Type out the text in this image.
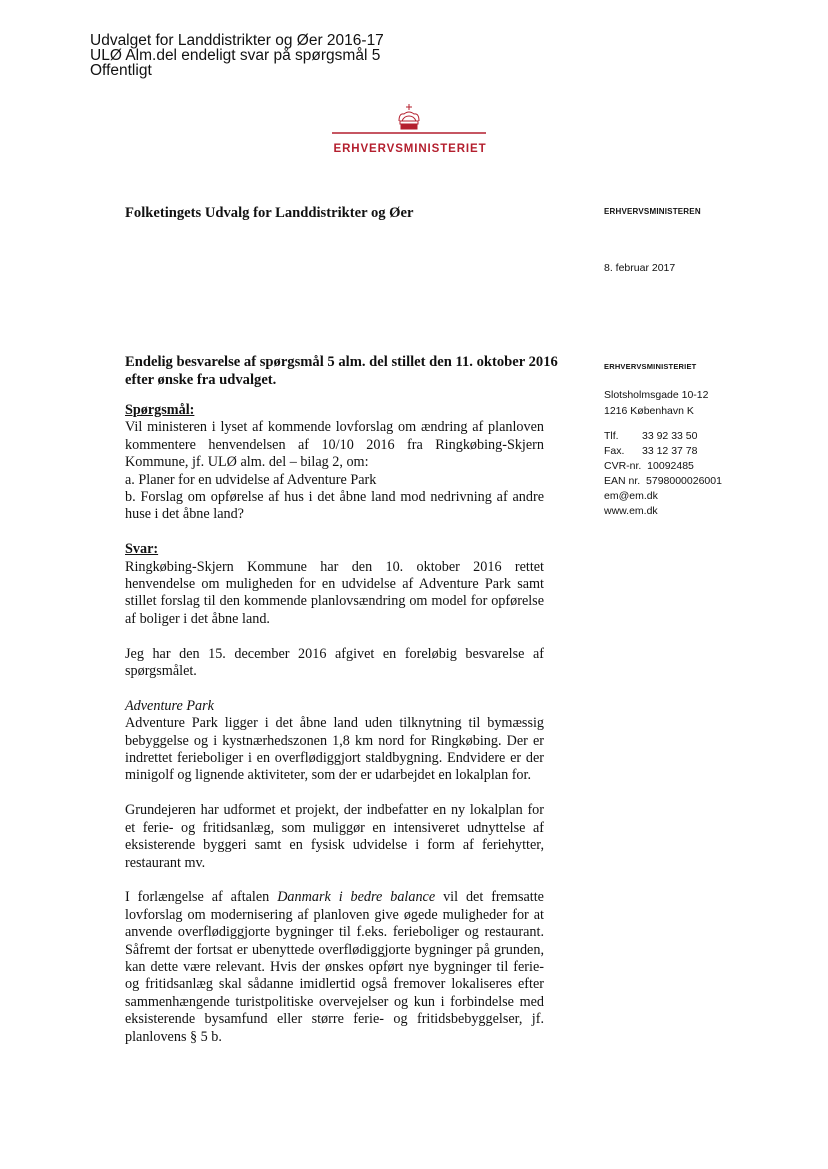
Udvalget for Landdistrikter og Øer 2016-17
ULØ Alm.del endeligt svar på spørgsmål 5
Offentligt
ERHVERVSMINISTERIET
Folketingets Udvalg for Landdistrikter og Øer	ERHVERVSMINISTEREN
8. februar 2017
Endelig besvarelse af spørgsmål 5 alm. del stillet den 11. oktober 2016
efter ønske fra udvalget.
ERHVERVSMINISTERIET
Slotsholmsgade 10-12
1216 København K
Tlf.	33 92 33 50
Fax.	33 12 37 78
CVR-nr.  10092485
EAN nr.  5798000026001
em@em.dk
www.em.dk

Spørgsmål:

Vil ministeren i lyset af kommende lovforslag om ændring af planloven kommentere henvendelsen af 10/10 2016 fra Ringkøbing-Skjern Kommune, jf. ULØ alm. del – bilag 2, om:

a. Planer for en udvidelse af Adventure Park

b. Forslag om opførelse af hus i det åbne land mod nedrivning af andre huse i det åbne land?

Svar:

Ringkøbing-Skjern Kommune har den 10. oktober 2016 rettet henvendelse om muligheden for en udvidelse af Adventure Park samt stillet forslag til den kommende planlovsændring om model for opførelse af boliger i det åbne land.

Jeg har den 15. december 2016 afgivet en foreløbig besvarelse af spørgsmålet.

Adventure Park

Adventure Park ligger i det åbne land uden tilknytning til bymæssig bebyggelse og i kystnærhedszonen 1,8 km nord for Ringkøbing. Der er indrettet ferieboliger i en overflødiggjort staldbygning. Endvidere er der minigolf og lignende aktiviteter, som der er udarbejdet en lokalplan for.

Grundejeren har udformet et projekt, der indbefatter en ny lokalplan for et ferie- og fritidsanlæg, som muliggør en intensiveret udnyttelse af eksisterende byggeri samt en fysisk udvidelse i form af feriehytter, restaurant mv.

I forlængelse af aftalen Danmark i bedre balance vil det fremsatte lovforslag om modernisering af planloven give øgede muligheder for at anvende overflødiggjorte bygninger til f.eks. ferieboliger og restaurant. Såfremt der fortsat er ubenyttede overflødiggjorte bygninger på grunden, kan dette være relevant. Hvis der ønskes opført nye bygninger til ferie- og fritidsanlæg skal sådanne imidlertid også fremover lokaliseres efter sammenhængende turistpolitiske overvejelser og kun i forbindelse med eksisterende bysamfund eller større ferie- og fritidsbebyggelser, jf. planlovens § 5 b.
